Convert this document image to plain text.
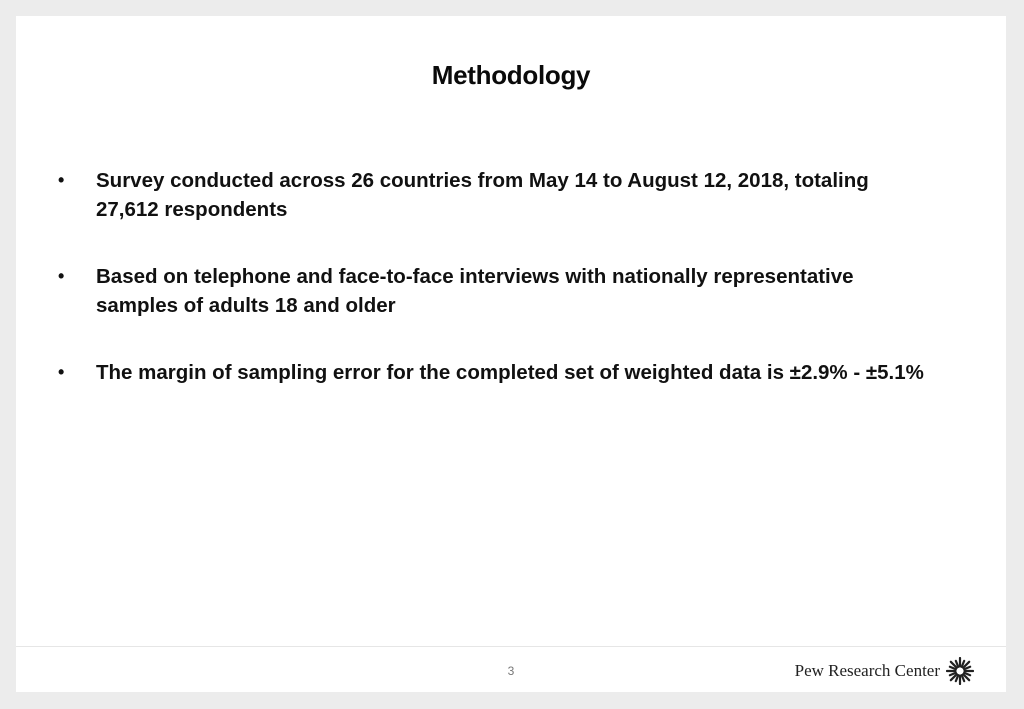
Methodology
• Survey conducted across 26 countries from May 14 to August 12, 2018, totaling 27,612 respondents
• Based on telephone and face-to-face interviews with nationally representative samples of adults 18 and older
• The margin of sampling error for the completed set of weighted data is ±2.9% - ±5.1%
3	Pew Research Center
